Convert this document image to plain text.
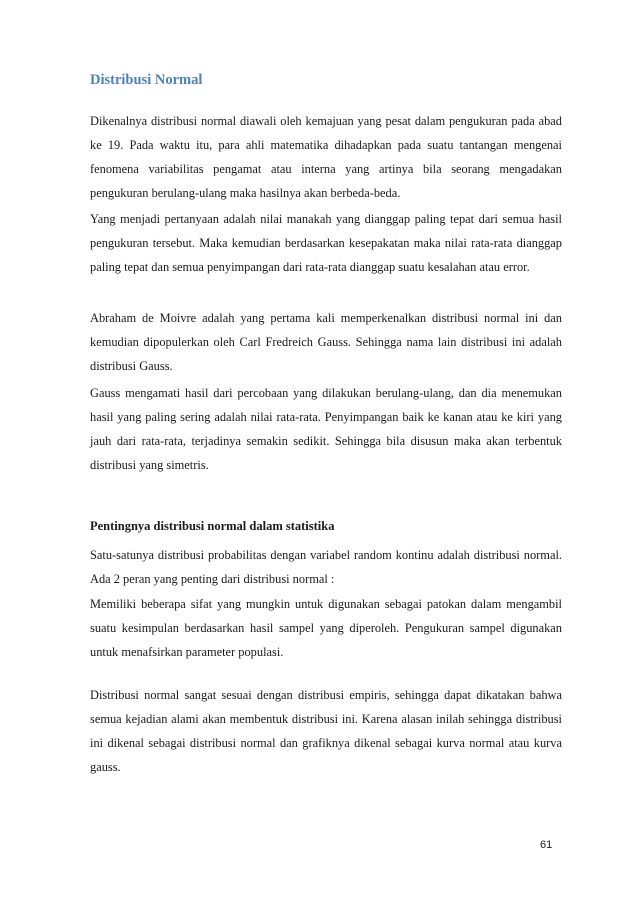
Distribusi Normal

Dikenalnya distribusi normal diawali oleh kemajuan yang pesat dalam pengukuran pada abad ke 19. Pada waktu itu, para ahli matematika dihadapkan pada suatu tantangan mengenai fenomena variabilitas pengamat atau interna yang artinya bila seorang mengadakan pengukuran berulang-ulang maka hasilnya akan berbeda-beda.

Yang menjadi pertanyaan adalah nilai manakah yang dianggap paling tepat dari semua hasil pengukuran tersebut. Maka kemudian berdasarkan kesepakatan maka nilai rata-rata dianggap paling tepat dan semua penyimpangan dari rata-rata dianggap suatu kesalahan atau error.

Abraham de Moivre adalah yang pertama kali memperkenalkan distribusi normal ini dan kemudian dipopulerkan oleh Carl Fredreich Gauss. Sehingga nama lain distribusi ini adalah distribusi Gauss.

Gauss mengamati hasil dari percobaan yang dilakukan berulang-ulang, dan dia menemukan hasil yang paling sering adalah nilai rata-rata. Penyimpangan baik ke kanan atau ke kiri yang jauh dari rata-rata, terjadinya semakin sedikit. Sehingga bila disusun maka akan terbentuk distribusi yang simetris.

Pentingnya distribusi normal dalam statistika

Satu-satunya distribusi probabilitas dengan variabel random kontinu adalah distribusi normal. Ada 2 peran yang penting dari distribusi normal :

Memiliki beberapa sifat yang mungkin untuk digunakan sebagai patokan dalam mengambil suatu kesimpulan berdasarkan hasil sampel yang diperoleh. Pengukuran sampel digunakan untuk menafsirkan parameter populasi.

Distribusi normal sangat sesuai dengan distribusi empiris, sehingga dapat dikatakan bahwa semua kejadian alami akan membentuk distribusi ini. Karena alasan inilah sehingga distribusi ini dikenal sebagai distribusi normal dan grafiknya dikenal sebagai kurva normal atau kurva gauss.

61
